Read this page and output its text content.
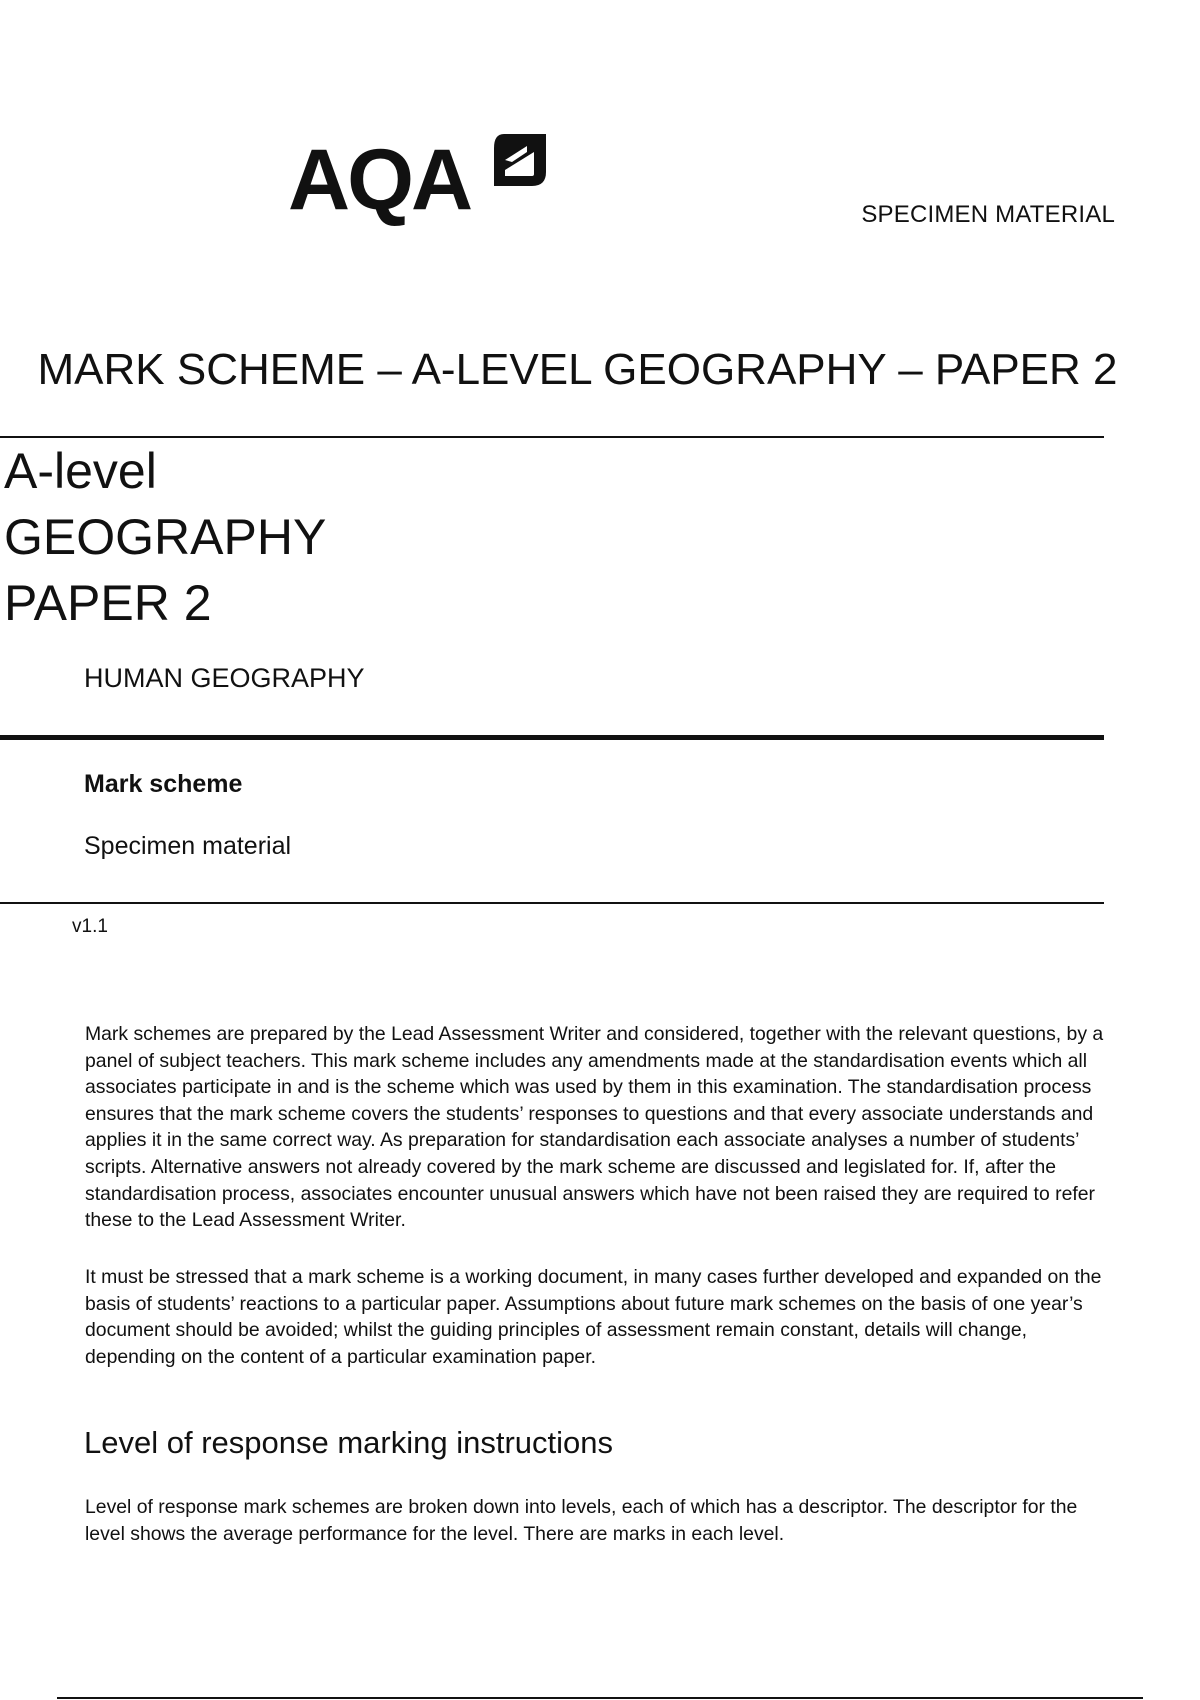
AQA	SPECIMEN MATERIAL
MARK SCHEME – A-LEVEL GEOGRAPHY – PAPER 2
A-level
GEOGRAPHY
PAPER 2
HUMAN GEOGRAPHY
Mark scheme
Specimen material
v1.1
Mark schemes are prepared by the Lead Assessment Writer and considered, together with the relevant questions, by a panel of subject teachers. This mark scheme includes any amendments made at the standardisation events which all associates participate in and is the scheme which was used by them in this examination. The standardisation process ensures that the mark scheme covers the students’ responses to questions and that every associate understands and applies it in the same correct way. As preparation for standardisation each associate analyses a number of students’ scripts. Alternative answers not already covered by the mark scheme are discussed and legislated for. If, after the standardisation process, associates encounter unusual answers which have not been raised they are required to refer these to the Lead Assessment Writer.
It must be stressed that a mark scheme is a working document, in many cases further developed and expanded on the basis of students’ reactions to a particular paper. Assumptions about future mark schemes on the basis of one year’s document should be avoided; whilst the guiding principles of assessment remain constant, details will change, depending on the content of a particular examination paper.
Level of response marking instructions
Level of response mark schemes are broken down into levels, each of which has a descriptor. The descriptor for the level shows the average performance for the level. There are marks in each level.
